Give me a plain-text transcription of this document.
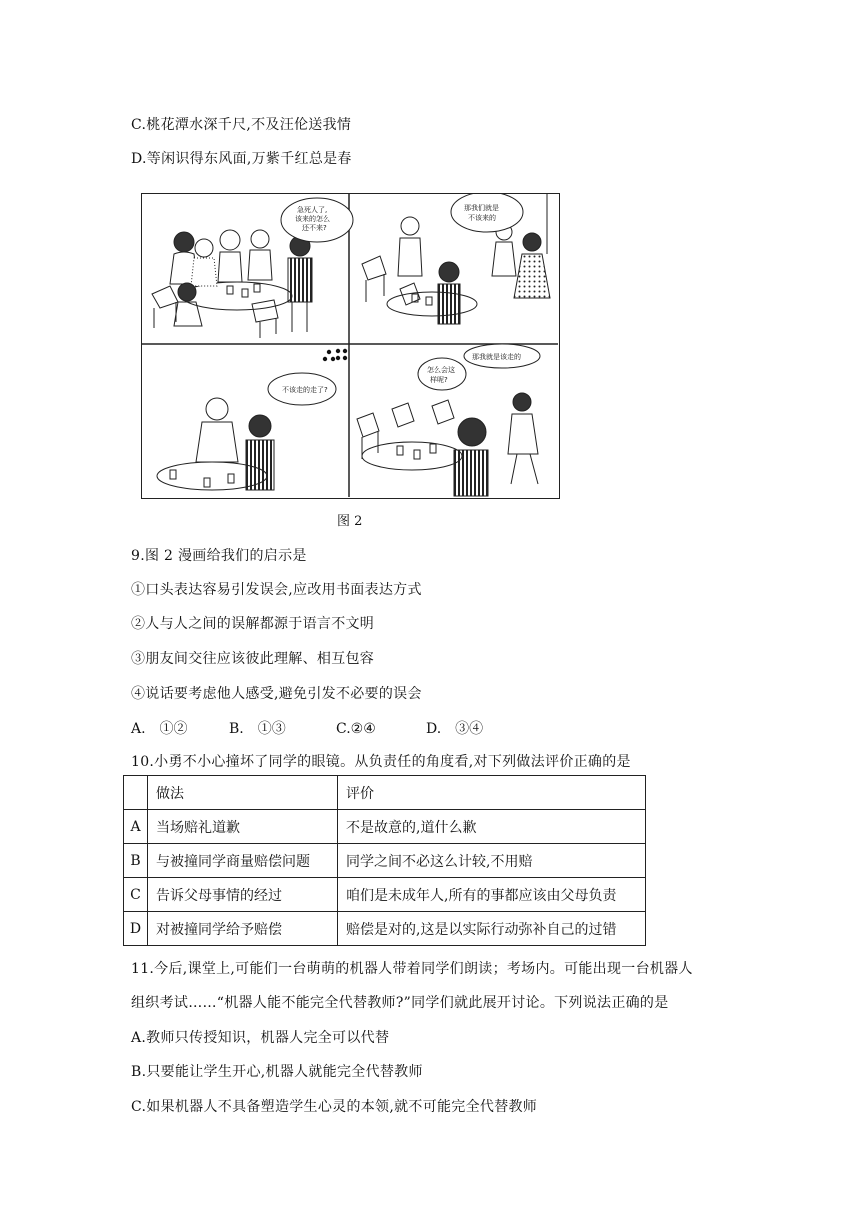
C.桃花潭水深千尺,不及汪伦送我情
D.等闲识得东风面,万紫千红总是春
急死人了,该来的怎么还不来?
那我们就是不该来的
不该走的走了?
怎么会这样呢?
那我就是该走的
图 2
9.图 2 漫画给我们的启示是
①口头表达容易引发误会,应改用书面表达方式
②人与人之间的误解都源于语言不文明
③朋友间交往应该彼此理解、相互包容
④说话要考虑他人感受,避免引发不必要的误会
A.　①②	B.　①③	C.②④	D.　③④
10.小勇不小心撞坏了同学的眼镜。从负责任的角度看,对下列做法评价正确的是
	做法	评价
A	当场赔礼道歉	不是故意的,道什么歉
B	与被撞同学商量赔偿问题	同学之间不必这么计较,不用赔
C	告诉父母事情的经过	咱们是未成年人,所有的事都应该由父母负责
D	对被撞同学给予赔偿	赔偿是对的,这是以实际行动弥补自己的过错
11.今后,课堂上,可能们一台萌萌的机器人带着同学们朗读；考场内。可能出现一台机器人
组织考试……“机器人能不能完全代替教师?”同学们就此展开讨论。下列说法正确的是
A.教师只传授知识，机器人完全可以代替
B.只要能让学生开心,机器人就能完全代替教师
C.如果机器人不具备塑造学生心灵的本领,就不可能完全代替教师
